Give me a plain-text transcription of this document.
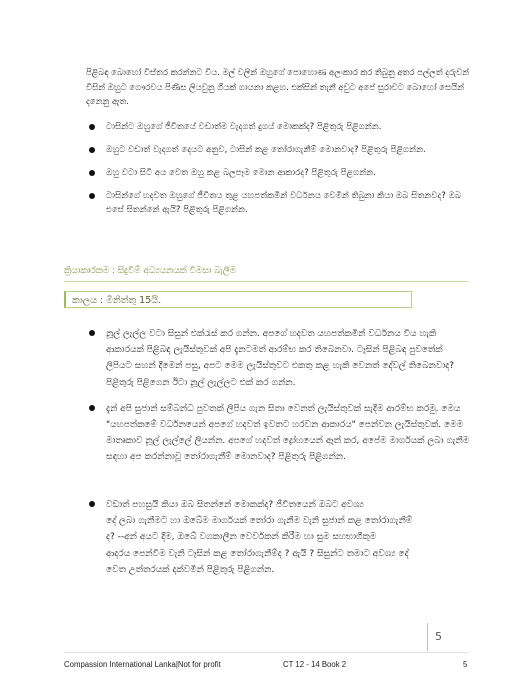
පිළිබඳ බොහෝ විස්තර කරන්නට විය. මල් වලින් ඔහුගේ පොහොණ අලංකාර කර තිබුනු අතර පල්ලත් දරුවන් විසින් ඔහුට ගෞරවය පිණිස ලියවුනු ගීයක් ගායනා කළහ. එක්සින් තැනී අවුට අපේ සුරාවට බොහෝ සෙයින් දනෙනු ඇත.

ටාසින්ට ඔහුගේ ජීවිතයේ වඩාත්ම වැදගත් දුගය් මොකක්ද? පිළිතුරු පිළිගන්න.
ඔහුට වඩාත් වැදගත් දෙයට අනුව, ටාසින් කළ තෝරාගැනීම් මොනවාද? පිළිතුරු පිළිගන්න.
ඔහු වටා සිටි අය වෙත ඔහු කළ බලපෑම මොන ආකාරද? පිළිතුරු පිළගන්න.
ටාසින්ගේ හදවත ඔහුගේ ජීවිතය තුළ යහපත්කමින් වර්ධනය වෙමින් තිබුනා කියා ඔබ සිතනවද? ඔබ එසේ සිතන්නේ ඇයි? පිළිතුරු පිළිගන්න.
ක්‍රියාකාරකම : සිදුවීම් අධ්‍යයනයක් විමසා බැලීම
කාලය : මිනිත්තු 15යි.
නූල් ලැල්ල වටා සිසුන් එක්රැස් කර ගන්න. අපගේ හදවත යහපත්කමින් වර්ධනය විය හැකි ආකාරයක් පිළිබඳ ලැයිස්තුවක් අපි දැනටමත් ආරම්භ කර තිබෙනවා. ටෑසින් පිළිබඳ පුවතේක් ලිපියට සහන් දීමෙන් පසු, අපට මෙම ලැයිස්තුවට එකතු කළ හැකි වෙනත් දේවල් තිබෙනවාද? පිළිතුරු පිළිගෙන ඊටා නූල් ලැල්ලට එක් කර ගන්න.
දැන් අපි සුජාන් සම්බන්ධ පුවතක් ලිපිය ගැන සිතා වෙනත් ලැයිස්තුවක් සැදීම ආරම්භ කරමු. මෙය "යහපත්කමේ වර්ධනයෙන් අපගේ හදවත් ඉවතට හරවන ආකාරය" පෙන්වන ලැයිස්තුවක්. මෙම මාතෘකාව නූල් ලැල්ලේ ලියන්න. අපගේ හදවත් ද්‍රෝහයෙන් ඈත් කර, අපේම මාර්ගයක් ලබා ගැනීම සඳහා අප කරන්නාවූ තෝරාගැනීම් මොනවාද? පිළිතුරු පිළිගන්න.
වඩාත් පහසුයි කියා ඔබ සිතන්නේ මොකක්ද? ජීවිතයෙන් ඔබට අවශ්‍ය
දේ ලබා ගැනීමට හා ඔබේම මාර්ගයක් තෝරා ගැනීම වැනි සුජාන් කළ තෝරාගැනීම්
ද? --අන් අයට දීම, ඔබේ වගකාලීන වෙර්වකන් කිරීම හා සුම සහභාගීකුම
ආදරය පෙන්වීම වැනි ටෑසින් කළ තෝරාගැනීම්ද ? ඇයි ? සිසුන්ට තමාට අවශ්‍ය දේ
වෙත උත්තරයක් දක්වමින් පිළිතුරු පිළිගන්න.
5
Compassion International Lanka|Not for profit	CT 12 - 14 Book 2	5
